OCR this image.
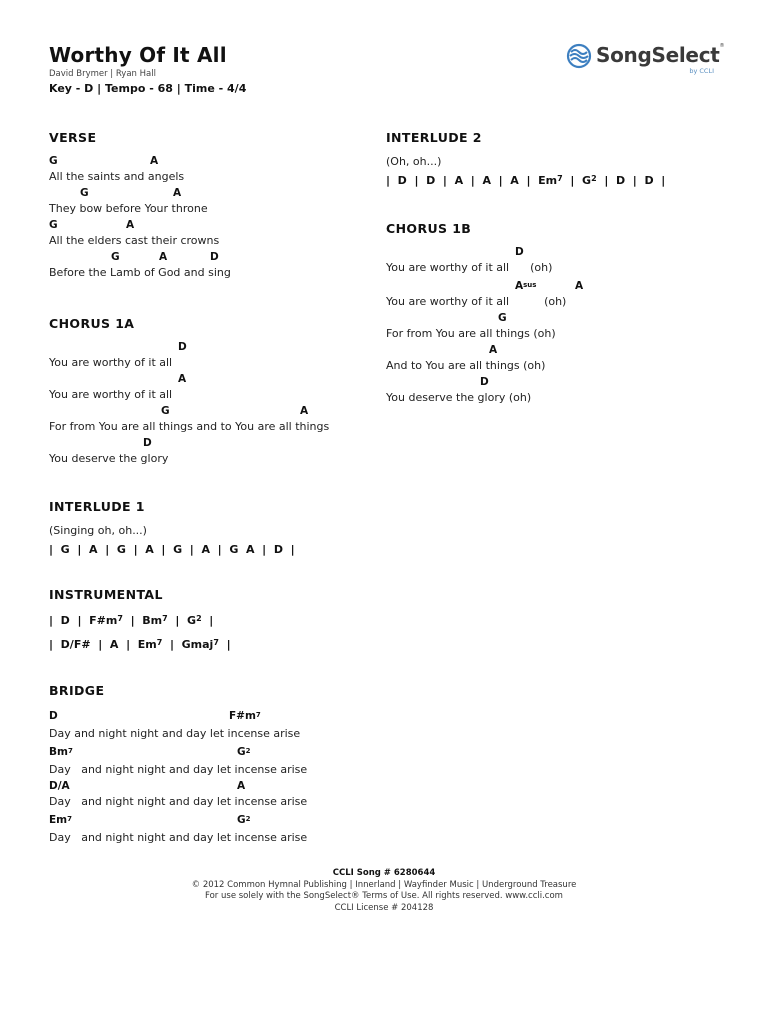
Worthy Of It All
David Brymer | Ryan Hall
Key - D | Tempo - 68 | Time - 4/4
SongSelect®
by CCLI
VERSE
G	A
All the saints and angels
G	A
They bow before Your throne
G	A
All the elders cast their crowns
G	A	D
Before the Lamb of God and sing
CHORUS 1A
D
You are worthy of it all
A
You are worthy of it all
G	A
For from You are all things and to You are all things
D
You deserve the glory
INTERLUDE 1
(Singing oh, oh...)
|  G  |  A  |  G  |  A  |  G  |  A  |  G  A  |  D  |
INSTRUMENTAL
|  D  |  $F\#m^7$  |  Bm$^7$  |  $G^2$  |
|  D/F#  |  A  |  Em$^7$  |  Gmaj$^7$  |
BRIDGE
D	$F\#m^7$
Day and night night and day let incense arise
Bm$^7$	$G^2$
Day   and night night and day let incense arise
D/A	A
Day   and night night and day let incense arise
Em$^7$	$G^2$
Day   and night night and day let incense arise
INTERLUDE 2
(Oh, oh...)
|  D  |  D  |  A  |  A  |  A  |  Em$^7$  |  $G^2$  |  D  |  D  |
CHORUS 1B
D
You are worthy of it all      (oh)
$A^{sus}$	A
You are worthy of it all          (oh)
G
For from You are all things (oh)
A
And to You are all things (oh)
D
You deserve the glory (oh)
CCLI Song # 6280644
© 2012 Common Hymnal Publishing | Innerland | Wayfinder Music | Underground Treasure
For use solely with the SongSelect® Terms of Use. All rights reserved. www.ccli.com
CCLI License # 204128
